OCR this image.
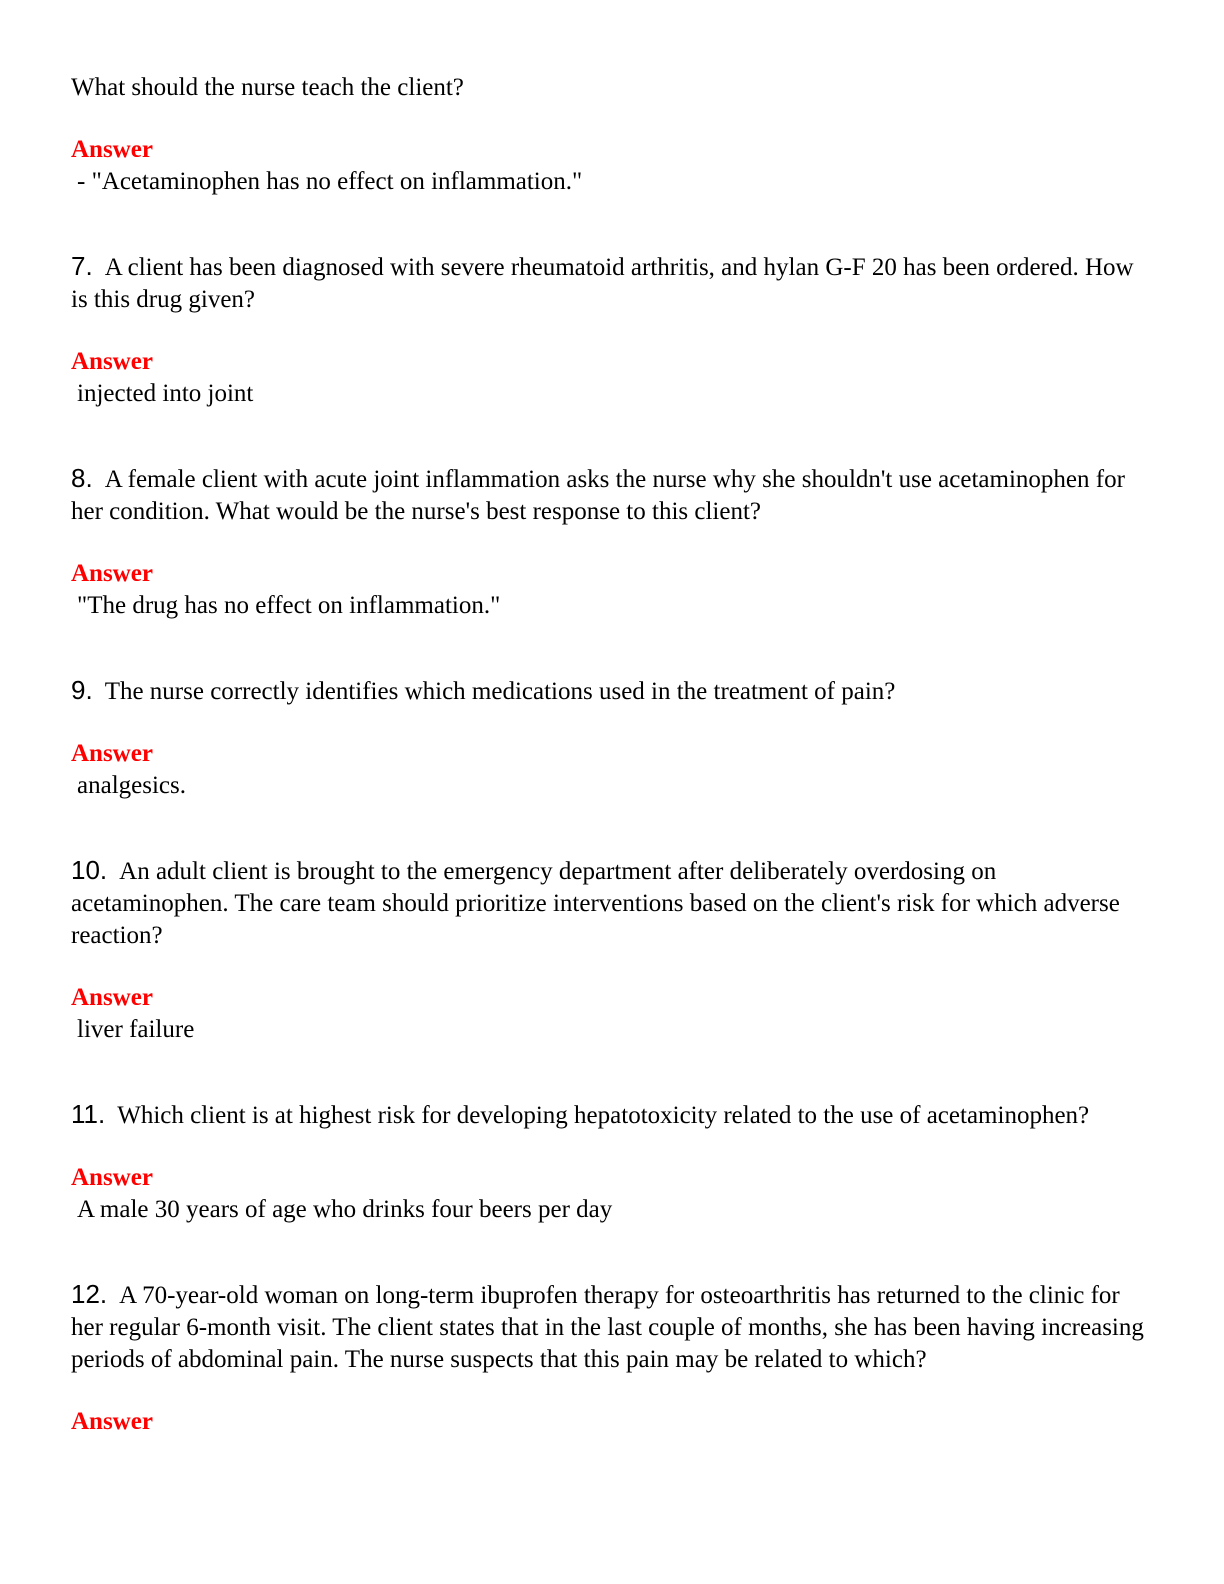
What should the nurse teach the client?

Answer

- "Acetaminophen has no effect on inflammation."

7. A client has been diagnosed with severe rheumatoid arthritis, and hylan G-F 20 has been ordered. How is this drug given?

Answer

injected into joint

8. A female client with acute joint inflammation asks the nurse why she shouldn't use acetaminophen for her condition. What would be the nurse's best response to this client?

Answer

"The drug has no effect on inflammation."

9. The nurse correctly identifies which medications used in the treatment of pain?

Answer

analgesics.

10. An adult client is brought to the emergency department after deliberately overdosing on acetaminophen. The care team should prioritize interventions based on the client's risk for which adverse reaction?

Answer

liver failure

11. Which client is at highest risk for developing hepatotoxicity related to the use of acetaminophen?

Answer

A male 30 years of age who drinks four beers per day

12. A 70-year-old woman on long-term ibuprofen therapy for osteoarthritis has returned to the clinic for her regular 6-month visit. The client states that in the last couple of months, she has been having increasing periods of abdominal pain. The nurse suspects that this pain may be related to which?

Answer
